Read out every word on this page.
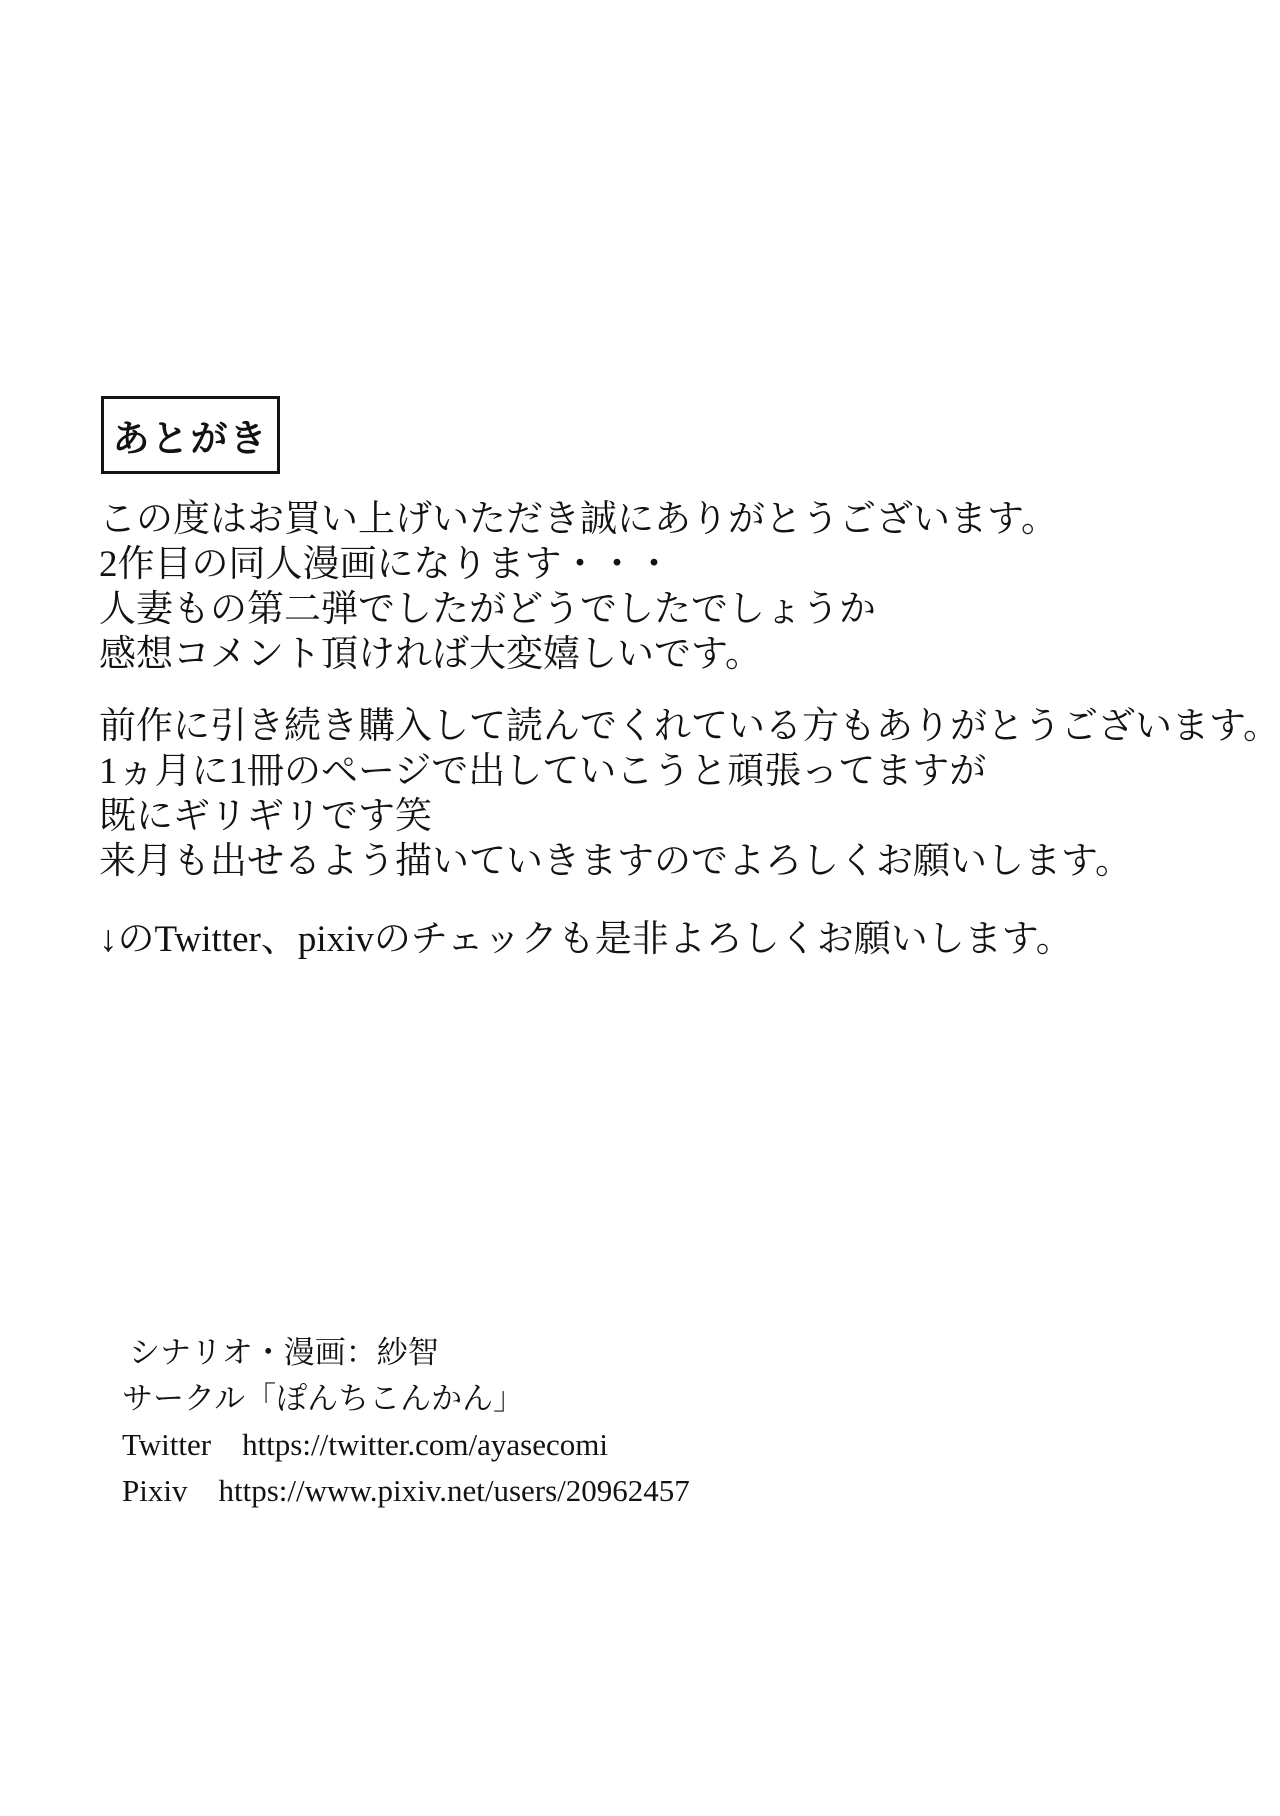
あとがき

この度はお買い上げいただき誠にありがとうございます。
2作目の同人漫画になります・・・
人妻もの第二弾でしたがどうでしたでしょうか
感想コメント頂ければ大変嬉しいです。

前作に引き続き購入して読んでくれている方もありがとうございます。
1ヵ月に1冊のページで出していこうと頑張ってますが
既にギリギリです笑
来月も出せるよう描いていきますのでよろしくお願いします。

↓のTwitter、pixivのチェックも是非よろしくお願いします。

シナリオ・漫画：紗智
サークル「ぽんちこんかん」
Twitter　https://twitter.com/ayasecomi
Pixiv　https://www.pixiv.net/users/20962457
